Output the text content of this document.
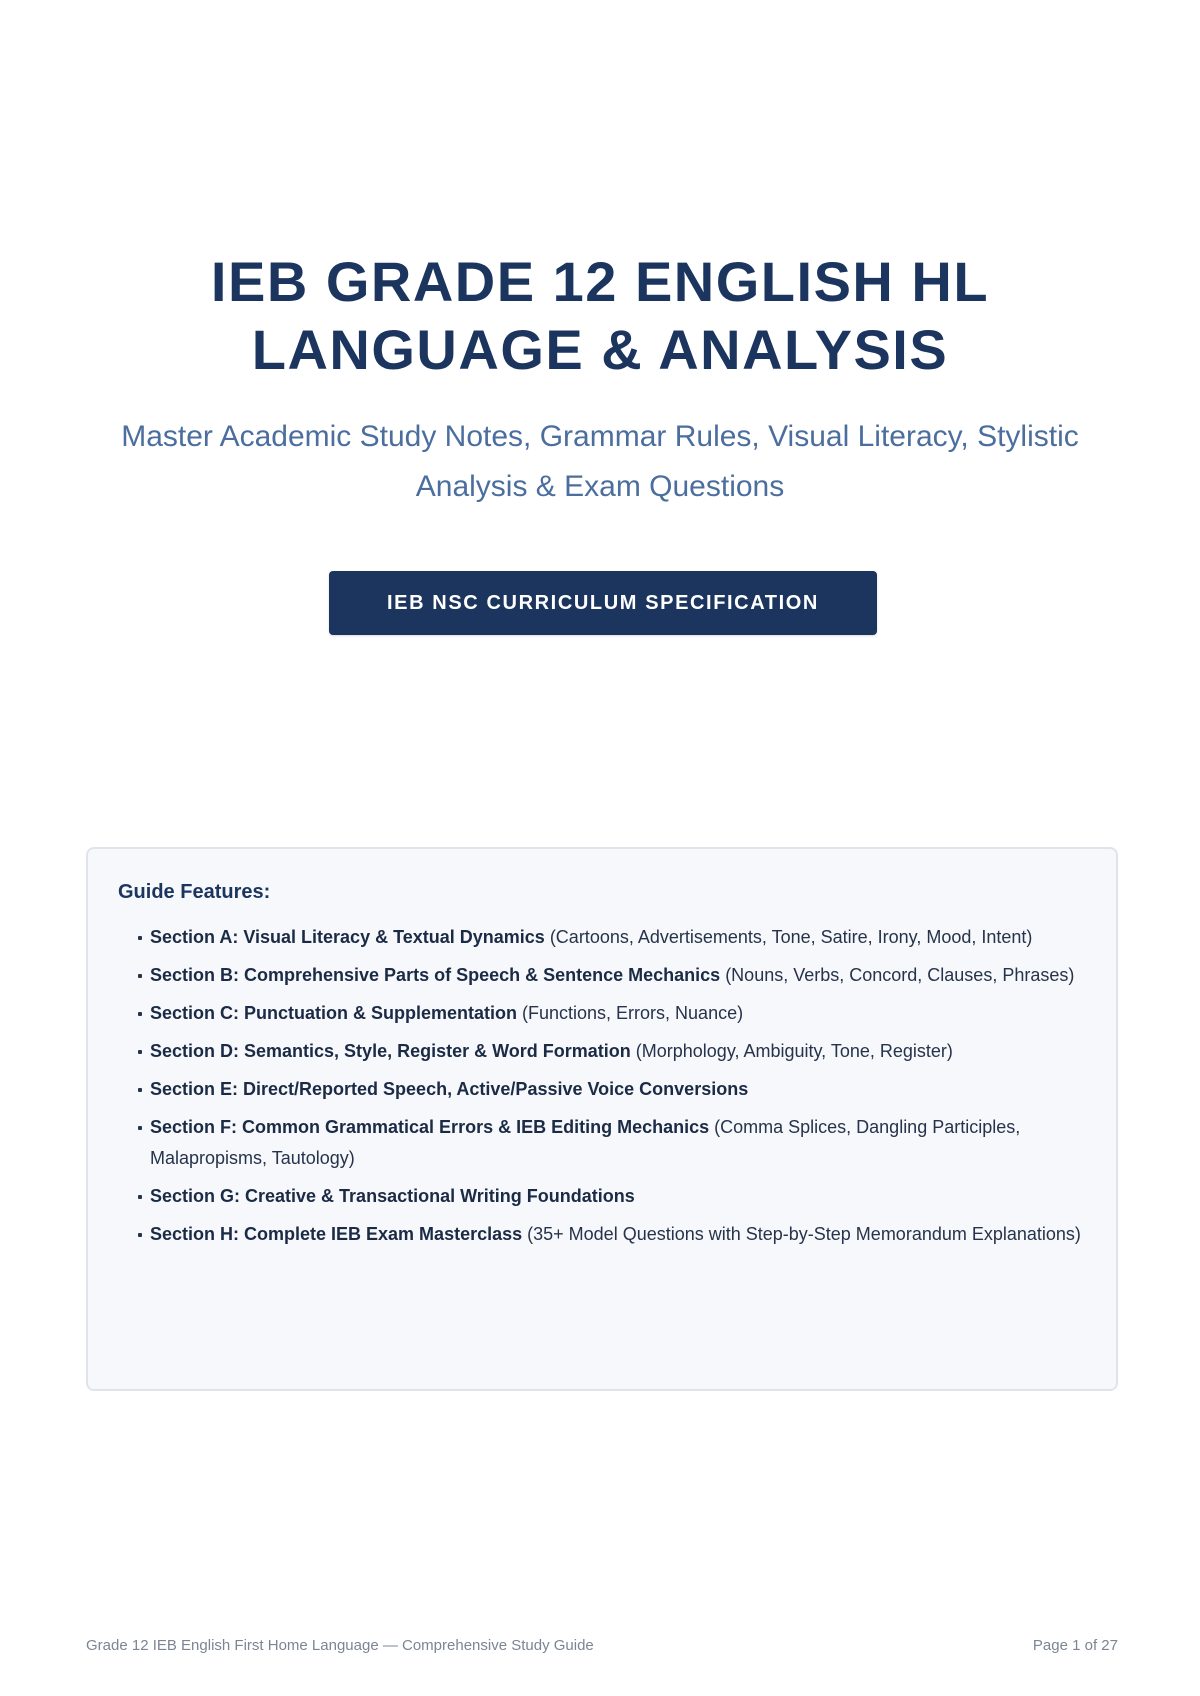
IEB GRADE 12 ENGLISH HL

LANGUAGE & ANALYSIS

Master Academic Study Notes, Grammar Rules, Visual Literacy, Stylistic Analysis & Exam Questions
IEB NSC CURRICULUM SPECIFICATION
Guide Features:
Section A: Visual Literacy & Textual Dynamics (Cartoons, Advertisements, Tone, Satire, Irony, Mood, Intent)
Section B: Comprehensive Parts of Speech & Sentence Mechanics (Nouns, Verbs, Concord, Clauses, Phrases)
Section C: Punctuation & Supplementation (Functions, Errors, Nuance)
Section D: Semantics, Style, Register & Word Formation (Morphology, Ambiguity, Tone, Register)
Section E: Direct/Reported Speech, Active/Passive Voice Conversions
Section F: Common Grammatical Errors & IEB Editing Mechanics (Comma Splices, Dangling Participles, Malapropisms, Tautology)
Section G: Creative & Transactional Writing Foundations
Section H: Complete IEB Exam Masterclass (35+ Model Questions with Step-by-Step Memorandum Explanations)
Grade 12 IEB English First Home Language — Comprehensive Study Guide	Page 1 of 27
